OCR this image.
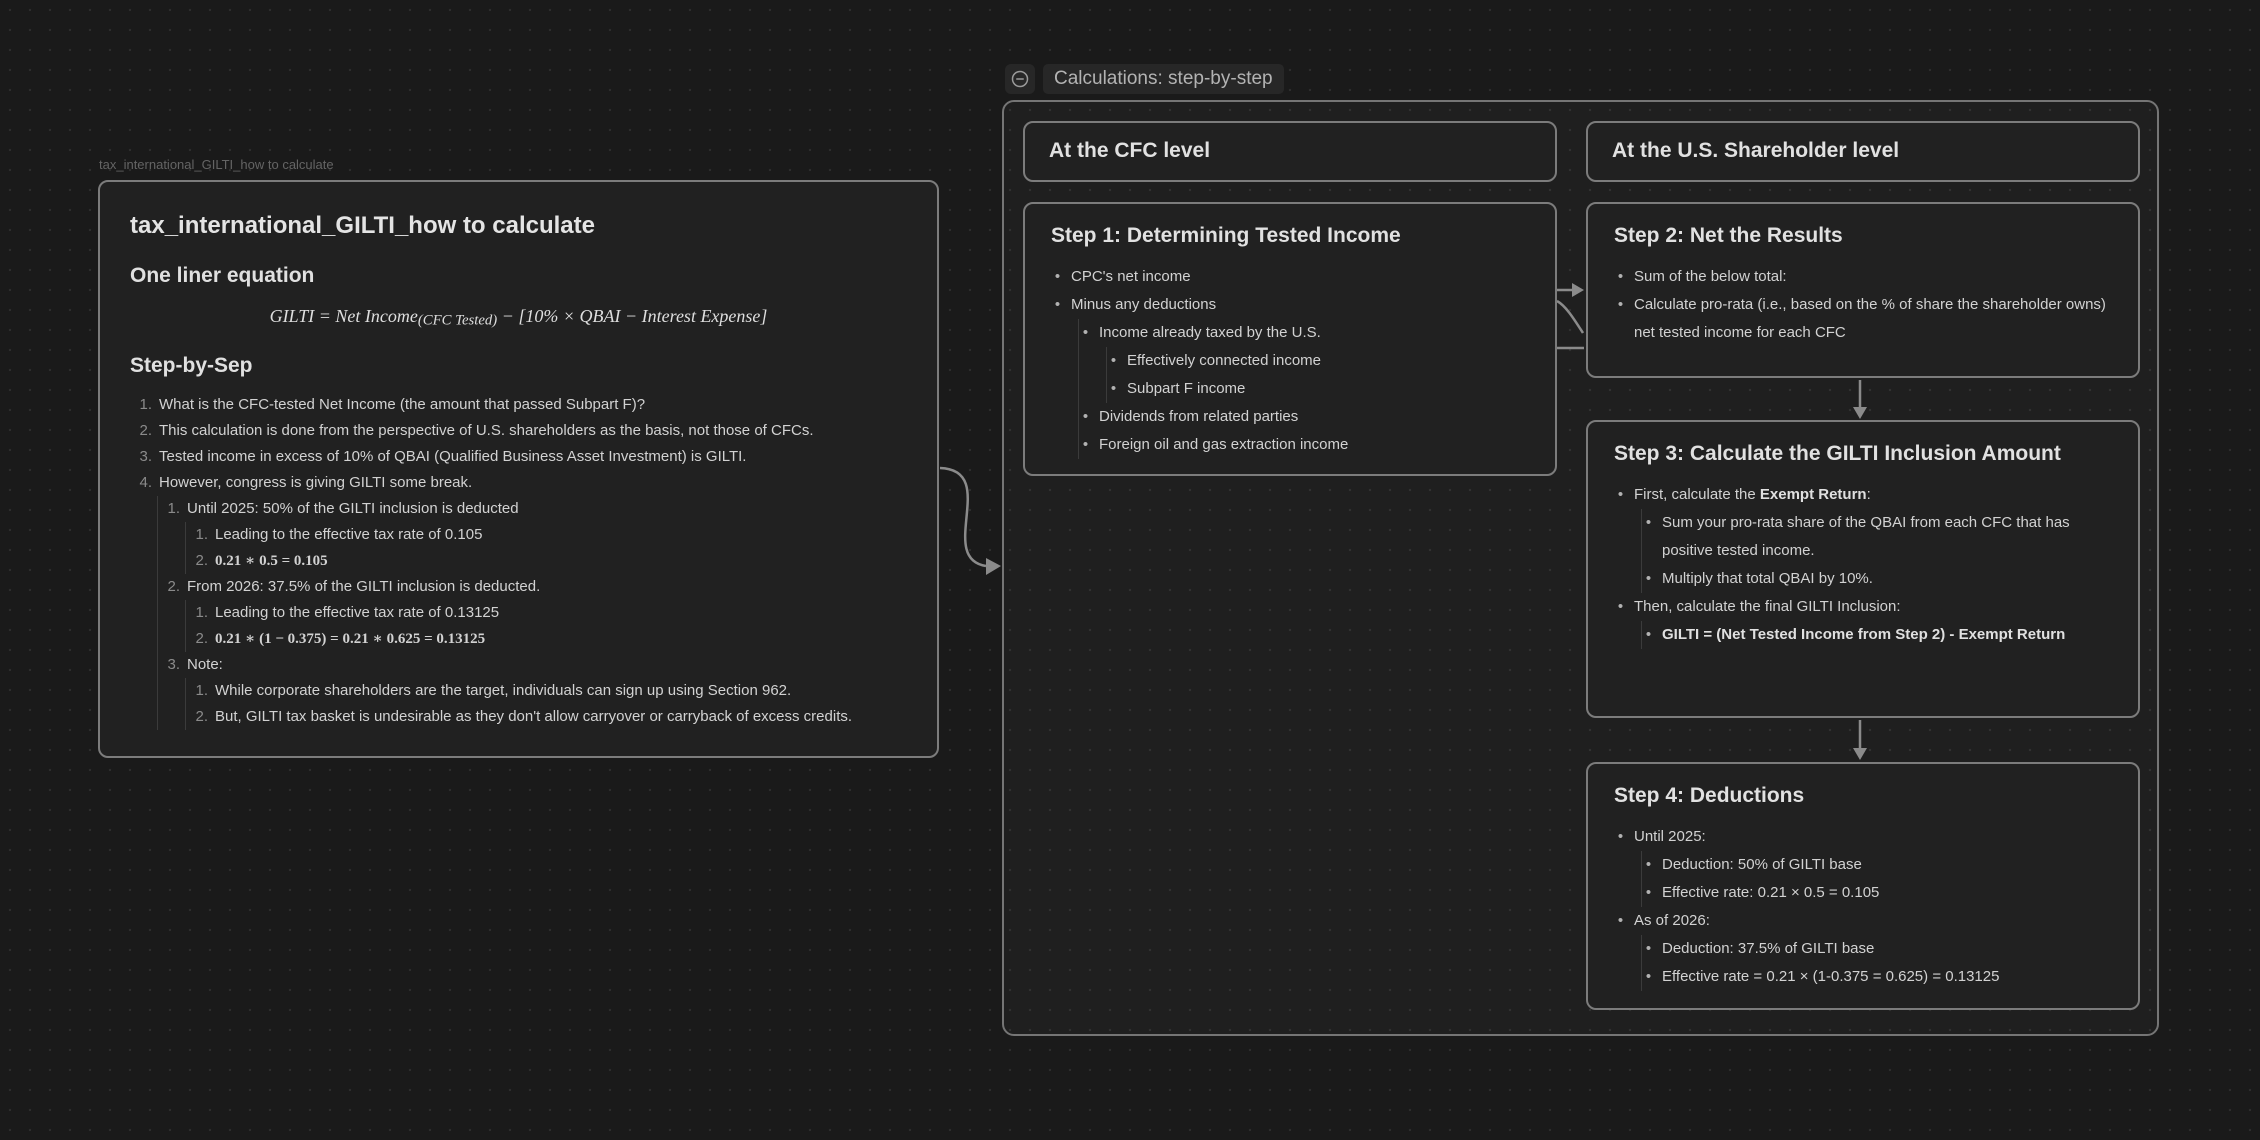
Calculations: step-by-step
tax_international_GILTI_how to calculate
tax_international_GILTI_how to calculate
One liner equation
GILTI = Net Income(CFC Tested) − [10% × QBAI − Interest Expense]
Step-by-Sep
1. What is the CFC-tested Net Income (the amount that passed Subpart F)?
2. This calculation is done from the perspective of U.S. shareholders as the basis, not those of CFCs.
3. Tested income in excess of 10% of QBAI (Qualified Business Asset Investment) is GILTI.
4. However, congress is giving GILTI some break.
1. Until 2025: 50% of the GILTI inclusion is deducted
1. Leading to the effective tax rate of 0.105
2. 0.21 ∗ 0.5 = 0.105
2. From 2026: 37.5% of the GILTI inclusion is deducted.
1. Leading to the effective tax rate of 0.13125
2. 0.21 ∗ (1 − 0.375) = 0.21 ∗ 0.625 = 0.13125
3. Note:
1. While corporate shareholders are the target, individuals can sign up using Section 962.
2. But, GILTI tax basket is undesirable as they don't allow carryover or carryback of excess credits.
At the CFC level	At the U.S. Shareholder level
Step 1: Determining Tested Income
• CPC's net income
• Minus any deductions
• Income already taxed by the U.S.
• Effectively connected income
• Subpart F income
• Dividends from related parties
• Foreign oil and gas extraction income
Step 2: Net the Results
• Sum of the below total:
• Calculate pro-rata (i.e., based on the % of share the shareholder owns) net tested income for each CFC
Step 3: Calculate the GILTI Inclusion Amount
• First, calculate the Exempt Return:
• Sum your pro-rata share of the QBAI from each CFC that has positive tested income.
• Multiply that total QBAI by 10%.
• Then, calculate the final GILTI Inclusion:
• GILTI = (Net Tested Income from Step 2) - Exempt Return
Step 4: Deductions
• Until 2025:
• Deduction: 50% of GILTI base
• Effective rate: 0.21 × 0.5 = 0.105
• As of 2026:
• Deduction: 37.5% of GILTI base
• Effective rate = 0.21 × (1-0.375 = 0.625) = 0.13125
